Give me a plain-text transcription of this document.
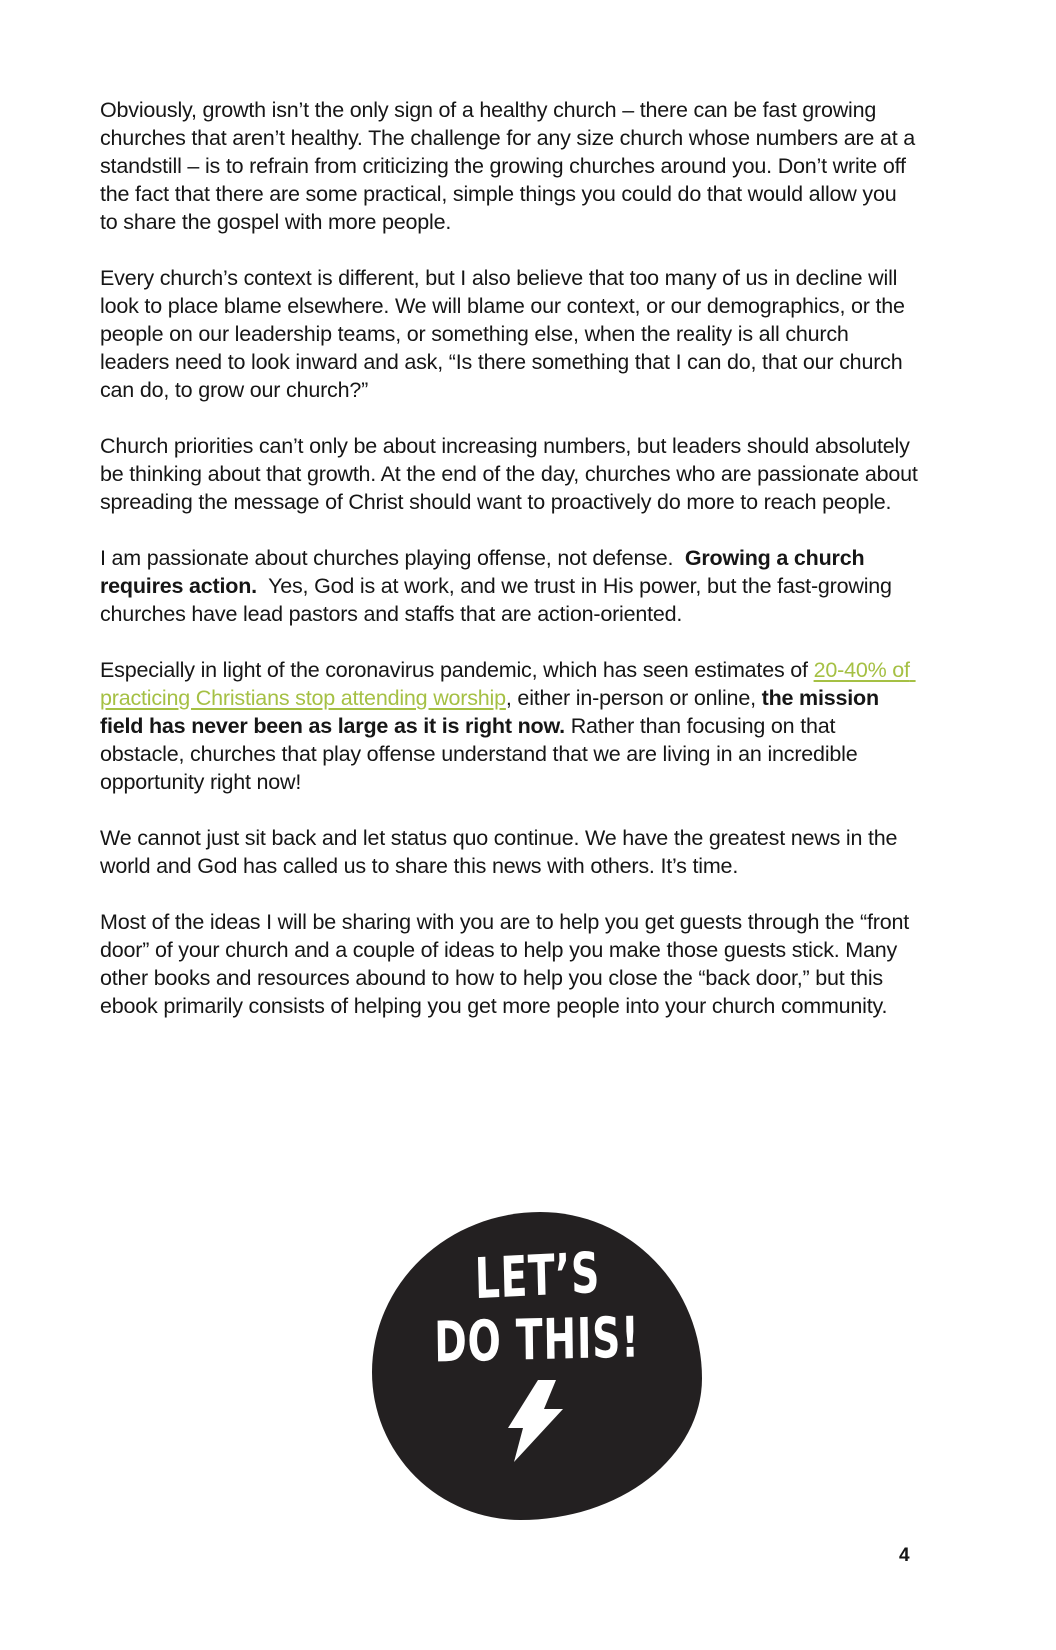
Obviously, growth isn’t the only sign of a healthy church – there can be fast growing churches that aren’t healthy. The challenge for any size church whose numbers are at a standstill – is to refrain from criticizing the growing churches around you. Don’t write off the fact that there are some practical, simple things you could do that would allow you to share the gospel with more people.

Every church’s context is different, but I also believe that too many of us in decline will look to place blame elsewhere. We will blame our context, or our demographics, or the people on our leadership teams, or something else, when the reality is all church leaders need to look inward and ask, “Is there something that I can do, that our church can do, to grow our church?”

Church priorities can’t only be about increasing numbers, but leaders should absolutely be thinking about that growth. At the end of the day, churches who are passionate about spreading the message of Christ should want to proactively do more to reach people.

I am passionate about churches playing offense, not defense.  Growing a church requires action.  Yes, God is at work, and we trust in His power, but the fast-growing churches have lead pastors and staffs that are action-oriented.

Especially in light of the coronavirus pandemic, which has seen estimates of 20-40% of practicing Christians stop attending worship, either in-person or online, the mission field has never been as large as it is right now. Rather than focusing on that obstacle, churches that play offense understand that we are living in an incredible opportunity right now!

We cannot just sit back and let status quo continue. We have the greatest news in the world and God has called us to share this news with others. It’s time.

Most of the ideas I will be sharing with you are to help you get guests through the “front door” of your church and a couple of ideas to help you make those guests stick. Many other books and resources abound to how to help you close the “back door,” but this ebook primarily consists of helping you get more people into your church community.

LET’S
DO THIS!
4
